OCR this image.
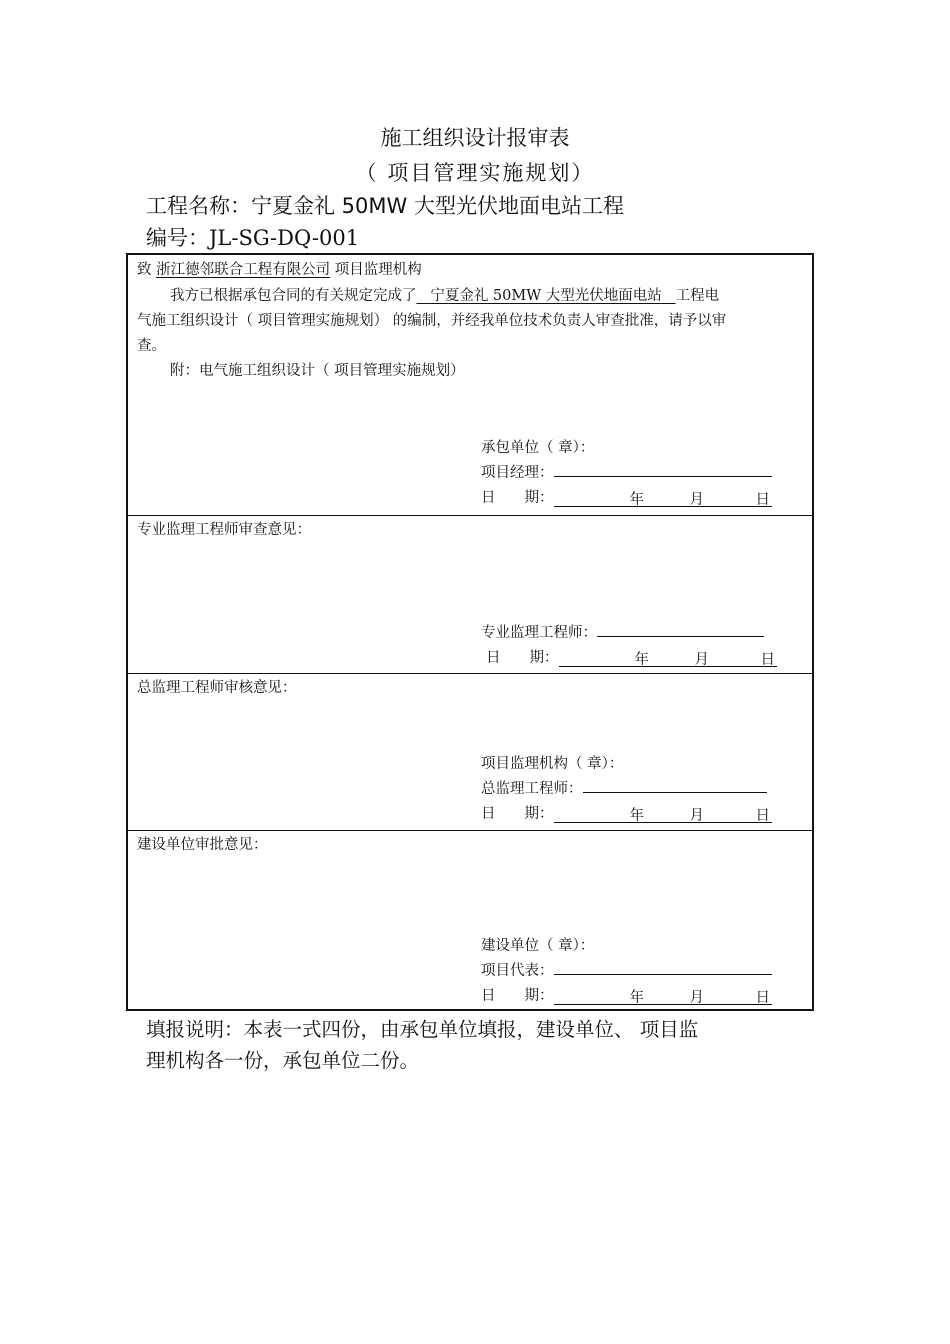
施工组织设计报审表
（ 项目管理实施规划）
工程名称：宁夏金礼 50MW 大型光伏地面电站工程
编号：JL-SG-DQ-001
致 浙江德邻联合工程有限公司 项目监理机构
我方已根据承包合同的有关规定完成了 宁夏金礼 50MW 大型光伏地面电站 工程电
气施工组织设计（ 项目管理实施规划） 的编制，并经我单位技术负责人审查批准，请予以审
查。
附：电气施工组织设计（ 项目管理实施规划）
承包单位（ 章）：
项目经理：
日　　期：	年	月	日
专业监理工程师审查意见：
专业监理工程师：
日　　期：	年	月	日
总监理工程师审核意见：
项目监理机构（ 章）：
总监理工程师：
日　　期：	年	月	日
建设单位审批意见：
建设单位（ 章）：
项目代表：
日　　期：	年	月	日
填报说明：本表一式四份，由承包单位填报，建设单位、 项目监
理机构各一份，承包单位二份。
